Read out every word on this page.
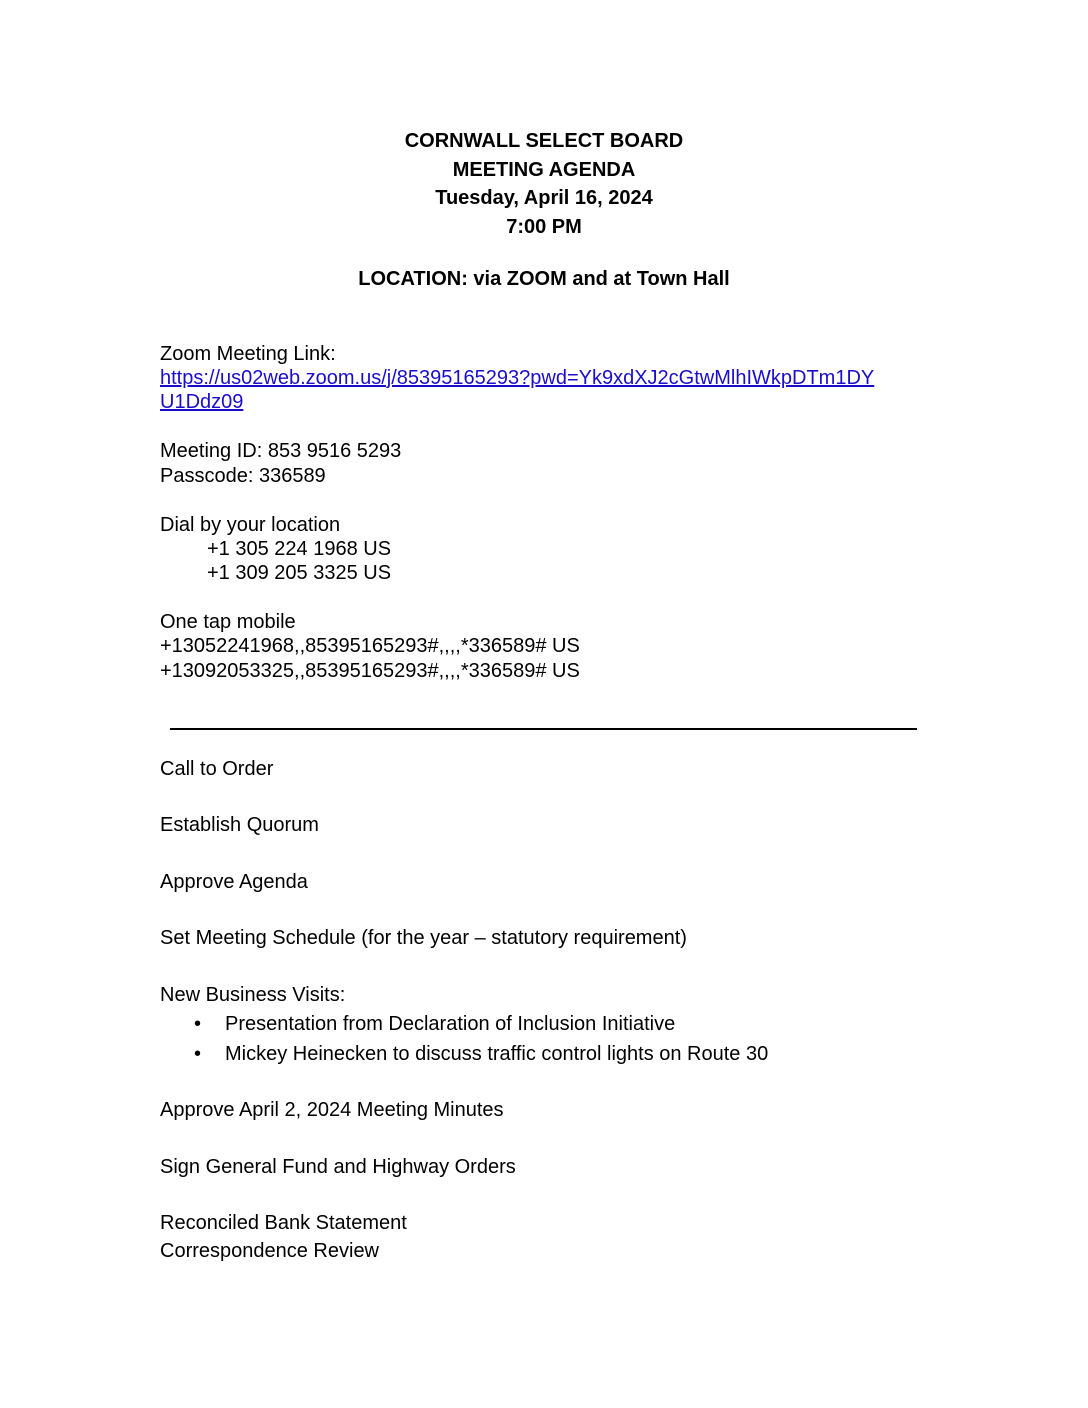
CORNWALL SELECT BOARD
MEETING AGENDA
Tuesday, April 16, 2024
7:00 PM
LOCATION: via ZOOM and at Town Hall
Zoom Meeting Link:
https://us02web.zoom.us/j/85395165293?pwd=Yk9xdXJ2cGtwMlhIWkpDTm1DY
U1Ddz09
Meeting ID: 853 9516 5293
Passcode: 336589
Dial by your location
+1 305 224 1968 US
+1 309 205 3325 US
One tap mobile
+13052241968,,85395165293#,,,,*336589# US
+13092053325,,85395165293#,,,,*336589# US
Call to Order
Establish Quorum
Approve Agenda
Set Meeting Schedule (for the year – statutory requirement)
New Business Visits:
• Presentation from Declaration of Inclusion Initiative
• Mickey Heinecken to discuss traffic control lights on Route 30
Approve April 2, 2024 Meeting Minutes
Sign General Fund and Highway Orders
Reconciled Bank Statement
Correspondence Review
